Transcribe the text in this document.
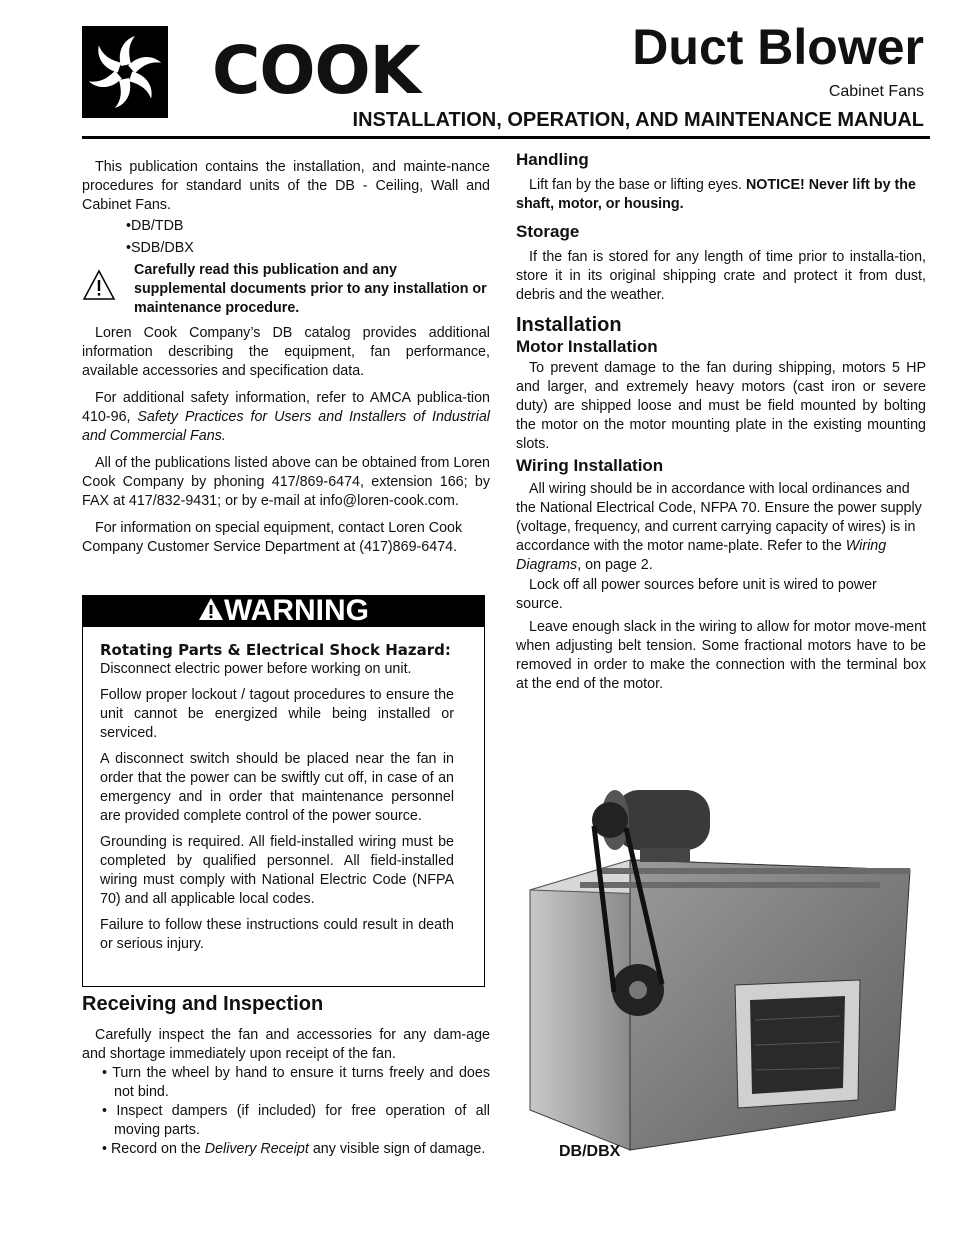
COOK	Duct Blower
Cabinet Fans
INSTALLATION, OPERATION, AND MAINTENANCE MANUAL

This publication contains the installation, and mainte-nance procedures for standard units of the DB - Ceiling, Wall and Cabinet Fans.

•DB/TDB

•SDB/DBX

Carefully read this publication and any supplemental documents prior to any installation or maintenance procedure.

Loren Cook Company’s DB catalog provides additional information describing the equipment, fan performance, available accessories and specification data.

For additional safety information, refer to AMCA publica-tion 410-96, Safety Practices for Users and Installers of Industrial and Commercial Fans.

All of the publications listed above can be obtained from Loren Cook Company by phoning 417/869-6474, extension 166; by FAX at 417/832-9431; or by e-mail at info@loren-cook.com.

For information on special equipment, contact Loren Cook Company Customer Service Department at (417)869-6474.

WARNING

Rotating Parts & Electrical Shock Hazard:

Disconnect electric power before working on unit.

Follow proper lockout / tagout procedures to ensure the unit cannot be energized while being installed or serviced.

A disconnect switch should be placed near the fan in order that the power can be swiftly cut off, in case of an emergency and in order that maintenance personnel are provided complete control of the power source.

Grounding is required. All field-installed wiring must be completed by qualified personnel. All field-installed wiring must comply with National Electric Code (NFPA 70) and all applicable local codes.

Failure to follow these instructions could result in death or serious injury.

Receiving and Inspection

Carefully inspect the fan and accessories for any dam-age and shortage immediately upon receipt of the fan.

• Turn the wheel by hand to ensure it turns freely and does not bind.

• Inspect dampers (if included) for free operation of all moving parts.

• Record on the Delivery Receipt any visible sign of damage.

Handling

Lift fan by the base or lifting eyes. NOTICE! Never lift by the shaft, motor, or housing.

Storage

If the fan is stored for any length of time prior to installa-tion, store it in its original shipping crate and protect it from dust, debris and the weather.

Installation
Motor Installation

To prevent damage to the fan during shipping, motors 5 HP and larger, and extremely heavy motors (cast iron or severe duty) are shipped loose and must be field mounted by bolting the motor on the motor mounting plate in the existing mounting slots.

Wiring Installation

All wiring should be in accordance with local ordinances and the National Electrical Code, NFPA 70. Ensure the power supply (voltage, frequency, and current carrying capacity of wires) is in accordance with the motor name-plate. Refer to the Wiring Diagrams, on page 2.

Lock off all power sources before unit is wired to power source.

Leave enough slack in the wiring to allow for motor move-ment when adjusting belt tension. Some fractional motors have to be removed in order to make the connection with the terminal box at the end of the motor.

DB/DBX
